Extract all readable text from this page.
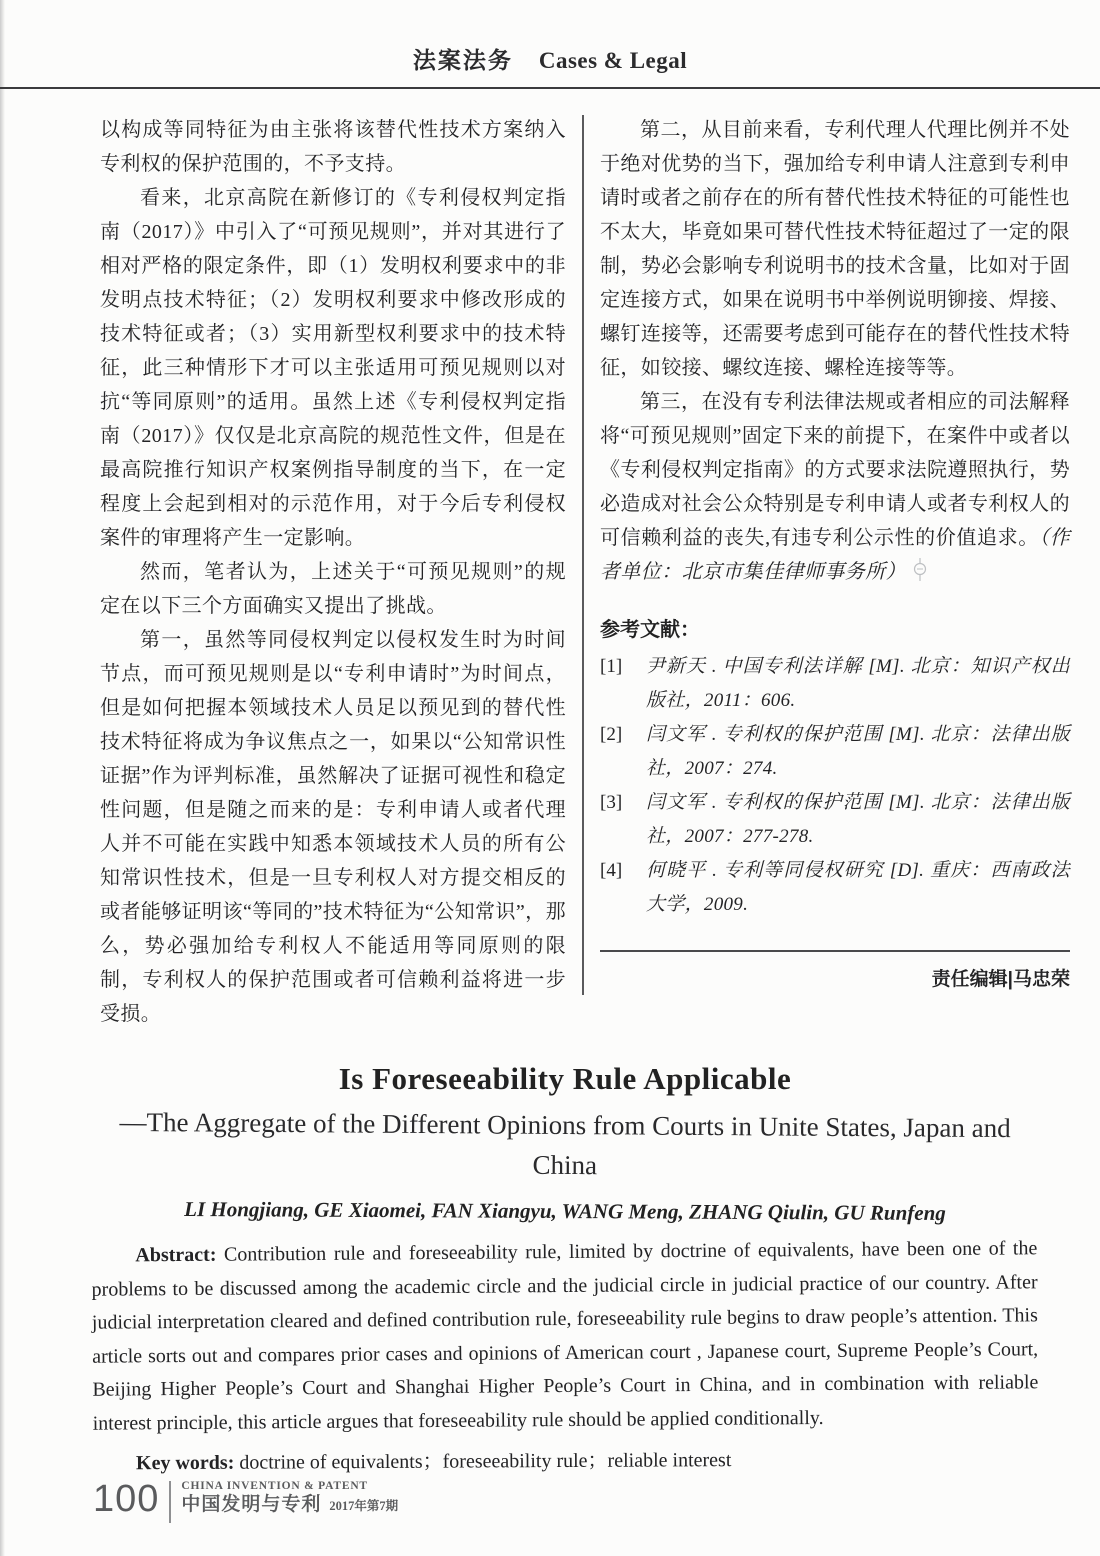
法案法务 Cases & Legal

以构成等同特征为由主张将该替代性技术方案纳入专利权的保护范围的，不予支持。

看来，北京高院在新修订的《专利侵权判定指南（2017）》中引入了“可预见规则”，并对其进行了相对严格的限定条件，即（1）发明权利要求中的非发明点技术特征；（2）发明权利要求中修改形成的技术特征或者；（3）实用新型权利要求中的技术特征，此三种情形下才可以主张适用可预见规则以对抗“等同原则”的适用。虽然上述《专利侵权判定指南（2017）》仅仅是北京高院的规范性文件，但是在最高院推行知识产权案例指导制度的当下，在一定程度上会起到相对的示范作用，对于今后专利侵权案件的审理将产生一定影响。

然而，笔者认为，上述关于“可预见规则”的规定在以下三个方面确实又提出了挑战。

第一，虽然等同侵权判定以侵权发生时为时间节点，而可预见规则是以“专利申请时”为时间点，但是如何把握本领域技术人员足以预见到的替代性技术特征将成为争议焦点之一，如果以“公知常识性证据”作为评判标准，虽然解决了证据可视性和稳定性问题，但是随之而来的是：专利申请人或者代理人并不可能在实践中知悉本领域技术人员的所有公知常识性技术，但是一旦专利权人对方提交相反的或者能够证明该“等同的”技术特征为“公知常识”，那么，势必强加给专利权人不能适用等同原则的限制，专利权人的保护范围或者可信赖利益将进一步受损。

第二，从目前来看，专利代理人代理比例并不处于绝对优势的当下，强加给专利申请人注意到专利申请时或者之前存在的所有替代性技术特征的可能性也不太大，毕竟如果可替代性技术特征超过了一定的限制，势必会影响专利说明书的技术含量，比如对于固定连接方式，如果在说明书中举例说明铆接、焊接、螺钉连接等，还需要考虑到可能存在的替代性技术特征，如铰接、螺纹连接、螺栓连接等等。

第三，在没有专利法律法规或者相应的司法解释将“可预见规则”固定下来的前提下，在案件中或者以《专利侵权判定指南》的方式要求法院遵照执行，势必造成对社会公众特别是专利申请人或者专利权人的可信赖利益的丧失,有违专利公示性的价值追求。（作者单位：北京市集佳律师事务所）

参考文献：

[1]	尹新天 . 中国专利法详解 [M]. 北京：知识产权出版社，2011：606.
[2]	闫文军 . 专利权的保护范围 [M]. 北京：法律出版社，2007：274.
[3]	闫文军 . 专利权的保护范围 [M]. 北京：法律出版社，2007：277-278.
[4]	何晓平 . 专利等同侵权研究 [D]. 重庆：西南政法大学，2009.

责任编辑|马忠荣

Is Foreseeability Rule Applicable

—The Aggregate of the Different Opinions from Courts in Unite States, Japan and China

LI Hongjiang, GE Xiaomei, FAN Xiangyu, WANG Meng, ZHANG Qiulin, GU Runfeng

Abstract: Contribution rule and foreseeability rule, limited by doctrine of equivalents, have been one of the problems to be discussed among the academic circle and the judicial circle in judicial practice of our country. After judicial interpretation cleared and defined contribution rule, foreseeability rule begins to draw people’s attention. This article sorts out and compares prior cases and opinions of American court , Japanese court, Supreme People’s Court, Beijing Higher People’s Court and Shanghai Higher People’s Court in China, and in combination with reliable interest principle, this article argues that foreseeability rule should be applied conditionally.

Key words: doctrine of equivalents；foreseeability rule；reliable interest

100 CHINA INVENTION & PATENT
中国发明与专利 2017年第7期
